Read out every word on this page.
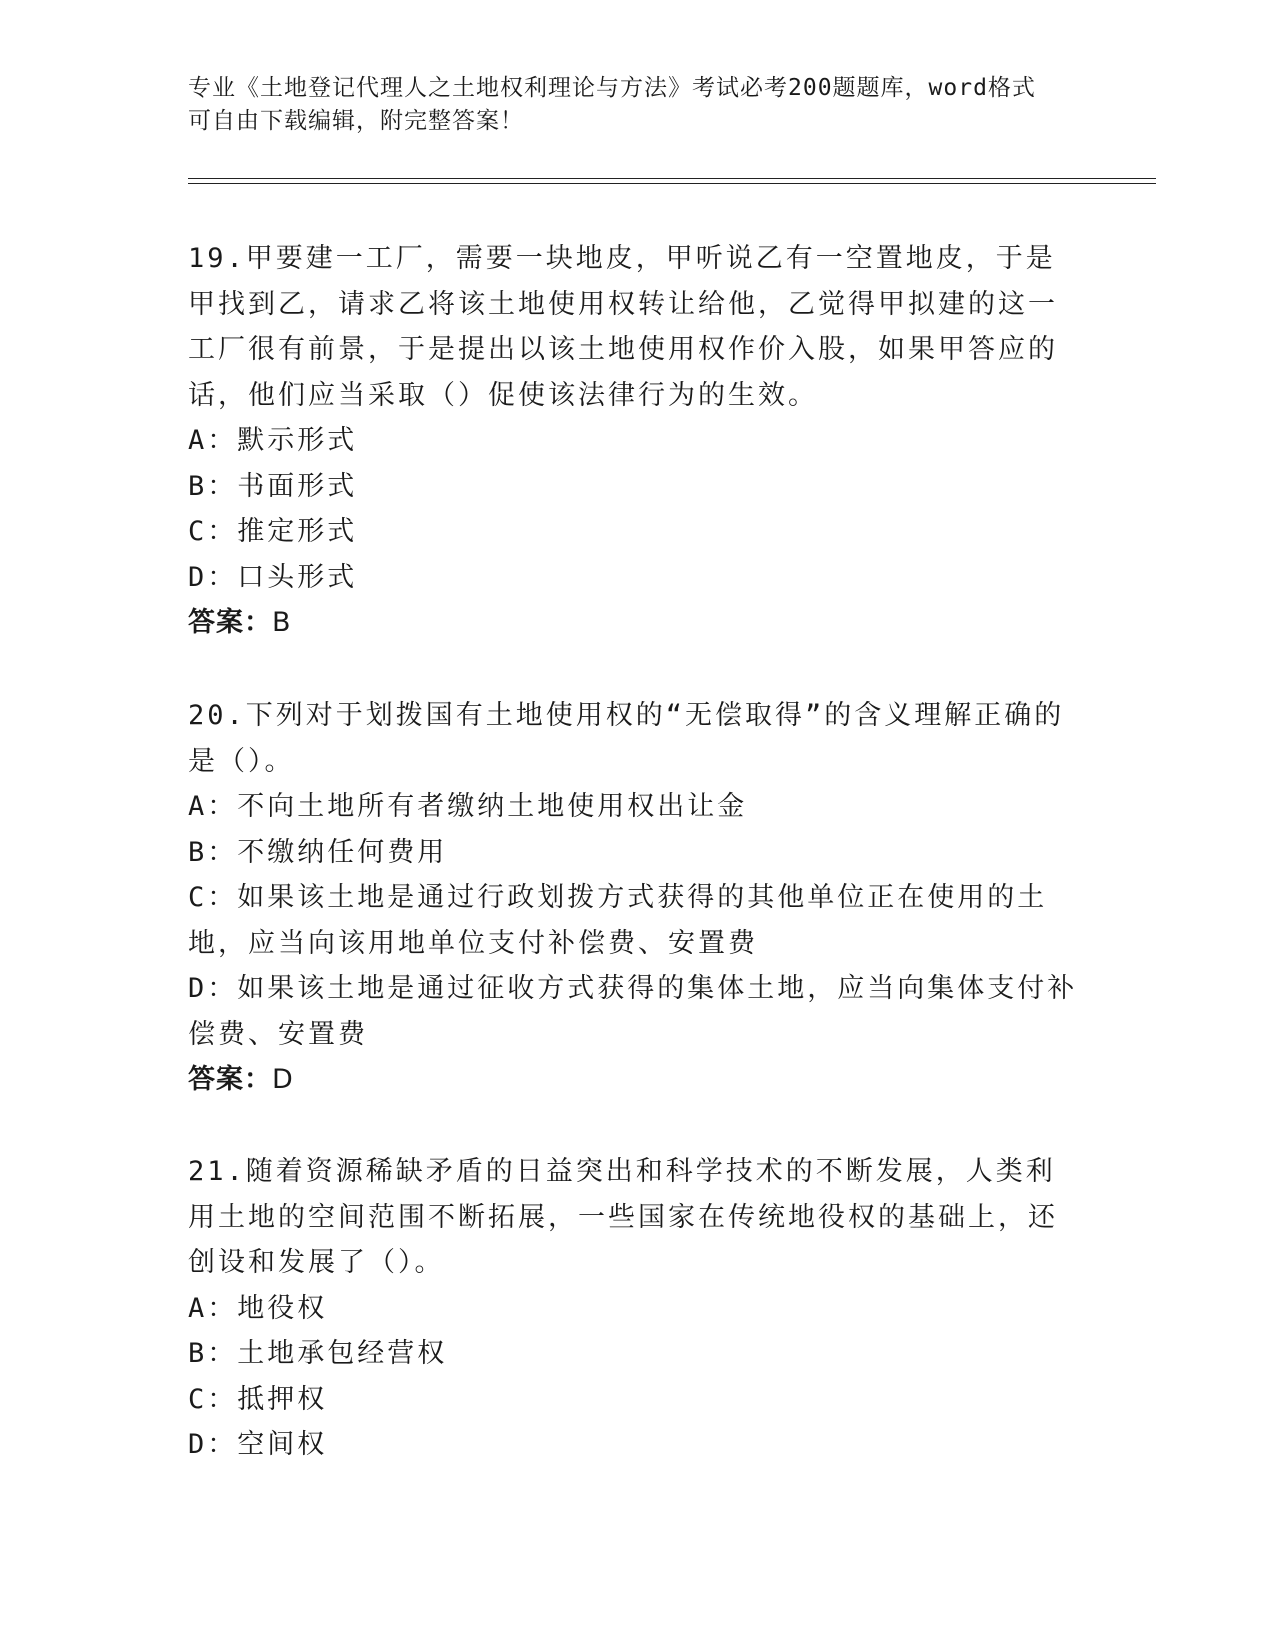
专业《土地登记代理人之土地权利理论与方法》考试必考200题题库，word格式
可自由下载编辑，附完整答案！
19.甲要建一工厂，需要一块地皮，甲听说乙有一空置地皮，于是甲找到乙，请求乙将该土地使用权转让给他，乙觉得甲拟建的这一工厂很有前景，于是提出以该土地使用权作价入股，如果甲答应的话，他们应当采取（）促使该法律行为的生效。
A：默示形式
B：书面形式
C：推定形式
D：口头形式
答案：B
20.下列对于划拨国有土地使用权的“无偿取得”的含义理解正确的是（）。
A：不向土地所有者缴纳土地使用权出让金
B：不缴纳任何费用
C：如果该土地是通过行政划拨方式获得的其他单位正在使用的土地，应当向该用地单位支付补偿费、安置费
D：如果该土地是通过征收方式获得的集体土地，应当向集体支付补偿费、安置费
答案：D
21.随着资源稀缺矛盾的日益突出和科学技术的不断发展，人类利用土地的空间范围不断拓展，一些国家在传统地役权的基础上，还创设和发展了（）。
A：地役权
B：土地承包经营权
C：抵押权
D：空间权
